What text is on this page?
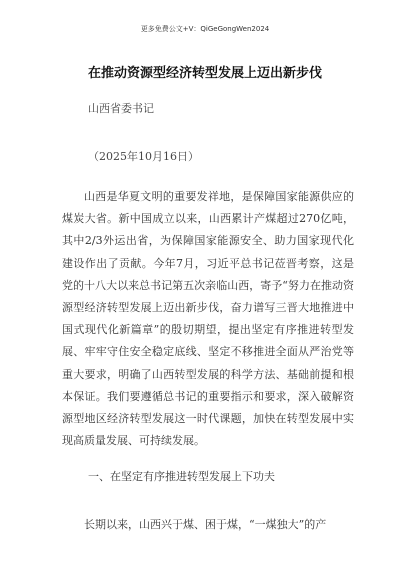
更多免费公文+V：QiGeGongWen2024
在推动资源型经济转型发展上迈出新步伐
山西省委书记
（2025年10月16日）
山西是华夏文明的重要发祥地，是保障国家能源供应的煤炭大省。新中国成立以来，山西累计产煤超过270亿吨，其中2/3外运出省，为保障国家能源安全、助力国家现代化建设作出了贡献。今年7月，习近平总书记莅晋考察，这是党的十八大以来总书记第五次亲临山西，寄予“努力在推动资源型经济转型发展上迈出新步伐，奋力谱写三晋大地推进中国式现代化新篇章”的殷切期望，提出坚定有序推进转型发展、牢牢守住安全稳定底线、坚定不移推进全面从严治党等重大要求，明确了山西转型发展的科学方法、基础前提和根本保证。我们要遵循总书记的重要指示和要求，深入破解资源型地区经济转型发展这一时代课题，加快在转型发展中实现高质量发展、可持续发展。
一、在坚定有序推进转型发展上下功夫
长期以来，山西兴于煤、困于煤，“一煤独大”的产
